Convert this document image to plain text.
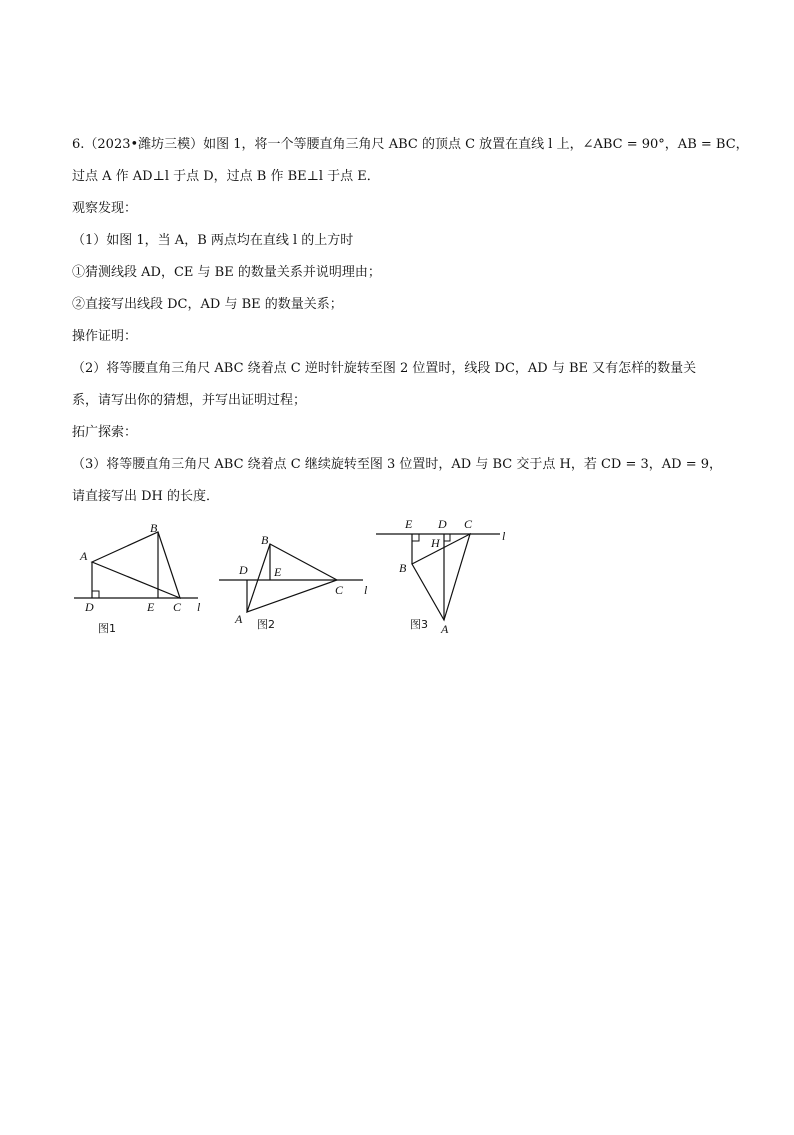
6.（2023•潍坊三模）如图 1，将一个等腰直角三角尺 ABC 的顶点 C 放置在直线 l 上，∠ABC = 90°，AB = BC，
过点 A 作 AD⊥l 于点 D，过点 B 作 BE⊥l 于点 E．
观察发现：
（1）如图 1，当 A，B 两点均在直线 l 的上方时
①猜测线段 AD，CE 与 BE 的数量关系并说明理由；
②直接写出线段 DC，AD 与 BE 的数量关系；
操作证明：
（2）将等腰直角三角尺 ABC 绕着点 C 逆时针旋转至图 2 位置时，线段 DC，AD 与 BE 又有怎样的数量关
系，请写出你的猜想，并写出证明过程；
拓广探索：
（3）将等腰直角三角尺 ABC 绕着点 C 继续旋转至图 3 位置时，AD 与 BC 交于点 H，若 CD = 3，AD = 9，
请直接写出 DH 的长度．
A
B
D	E C l
图1
B
D E
C l
A 图2
E D C
H	l
B
A
图3
